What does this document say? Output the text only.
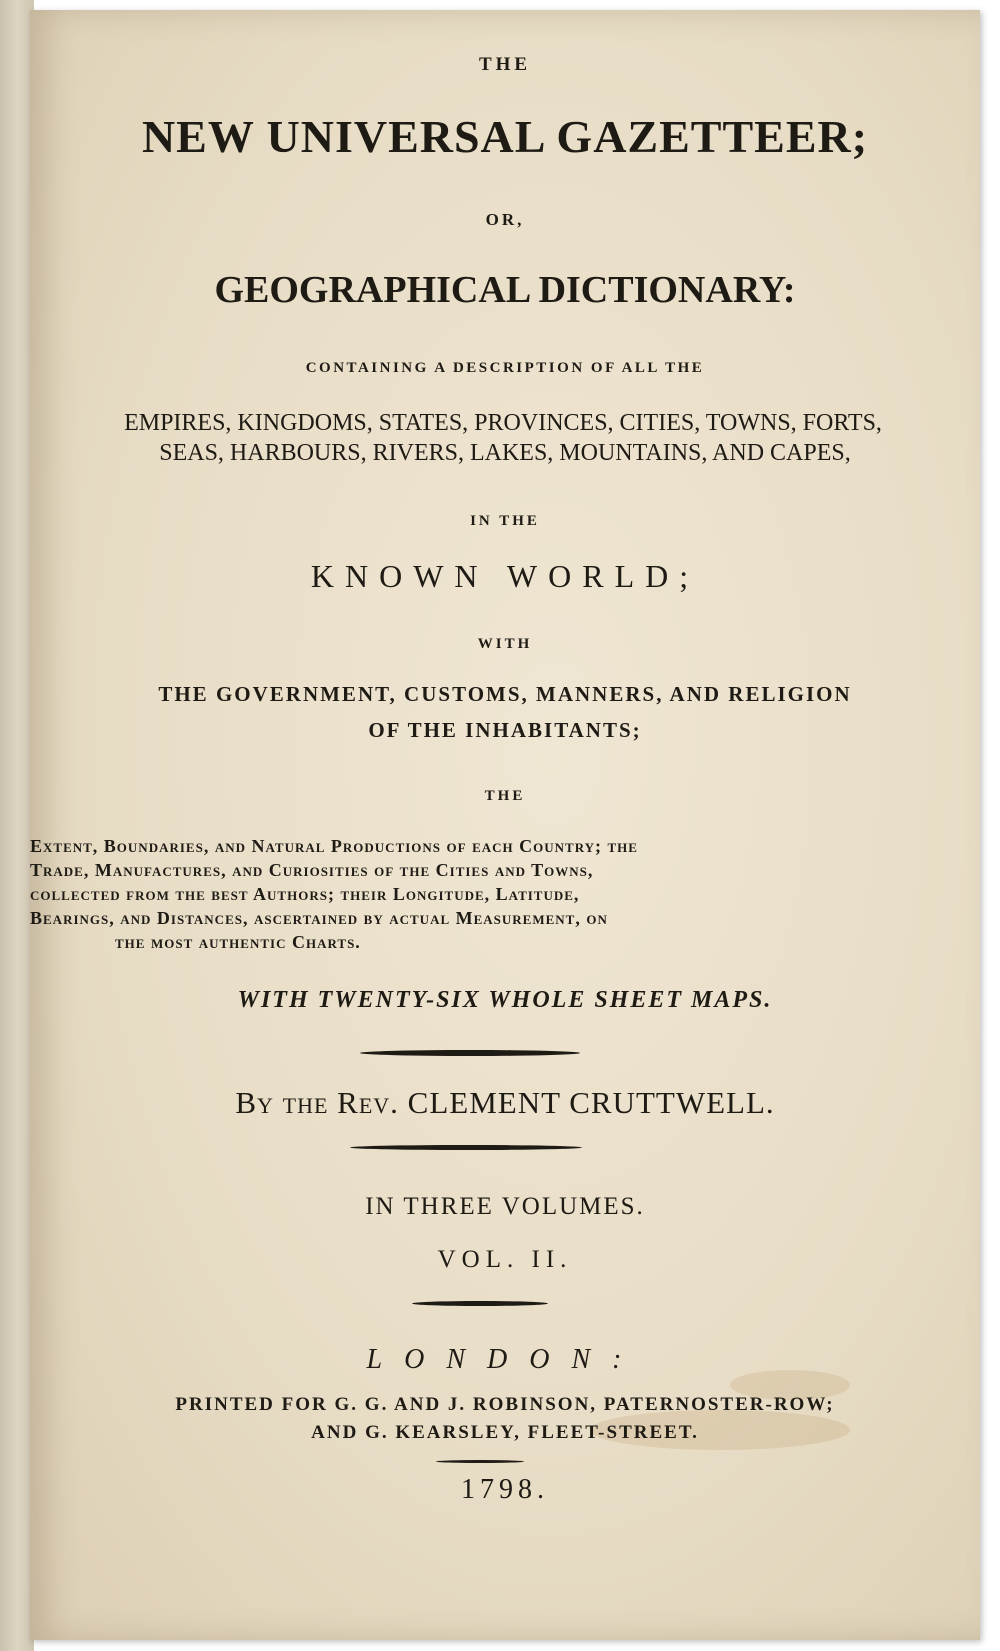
THE

NEW UNIVERSAL GAZETTEER;

OR,

GEOGRAPHICAL DICTIONARY:

CONTAINING A DESCRIPTION OF ALL THE

EMPIRES, KINGDOMS, STATES, PROVINCES, CITIES, TOWNS, FORTS,

SEAS, HARBOURS, RIVERS, LAKES, MOUNTAINS, AND CAPES,

IN THE

KNOWN WORLD;

WITH

THE GOVERNMENT, CUSTOMS, MANNERS, AND RELIGION

OF THE INHABITANTS;

THE

Extent, Boundaries, and Natural Productions of each Country; the

Trade, Manufactures, and Curiosities of the Cities and Towns,

collected from the best Authors; their Longitude, Latitude,

Bearings, and Distances, ascertained by actual Measurement, on

the most authentic Charts.

WITH TWENTY-SIX WHOLE SHEET MAPS.

By the Rev. CLEMENT CRUTTWELL.

IN THREE VOLUMES.

VOL. II.

LONDON:

PRINTED FOR G. G. AND J. ROBINSON, PATERNOSTER-ROW;

AND G. KEARSLEY, FLEET-STREET.

1798.
